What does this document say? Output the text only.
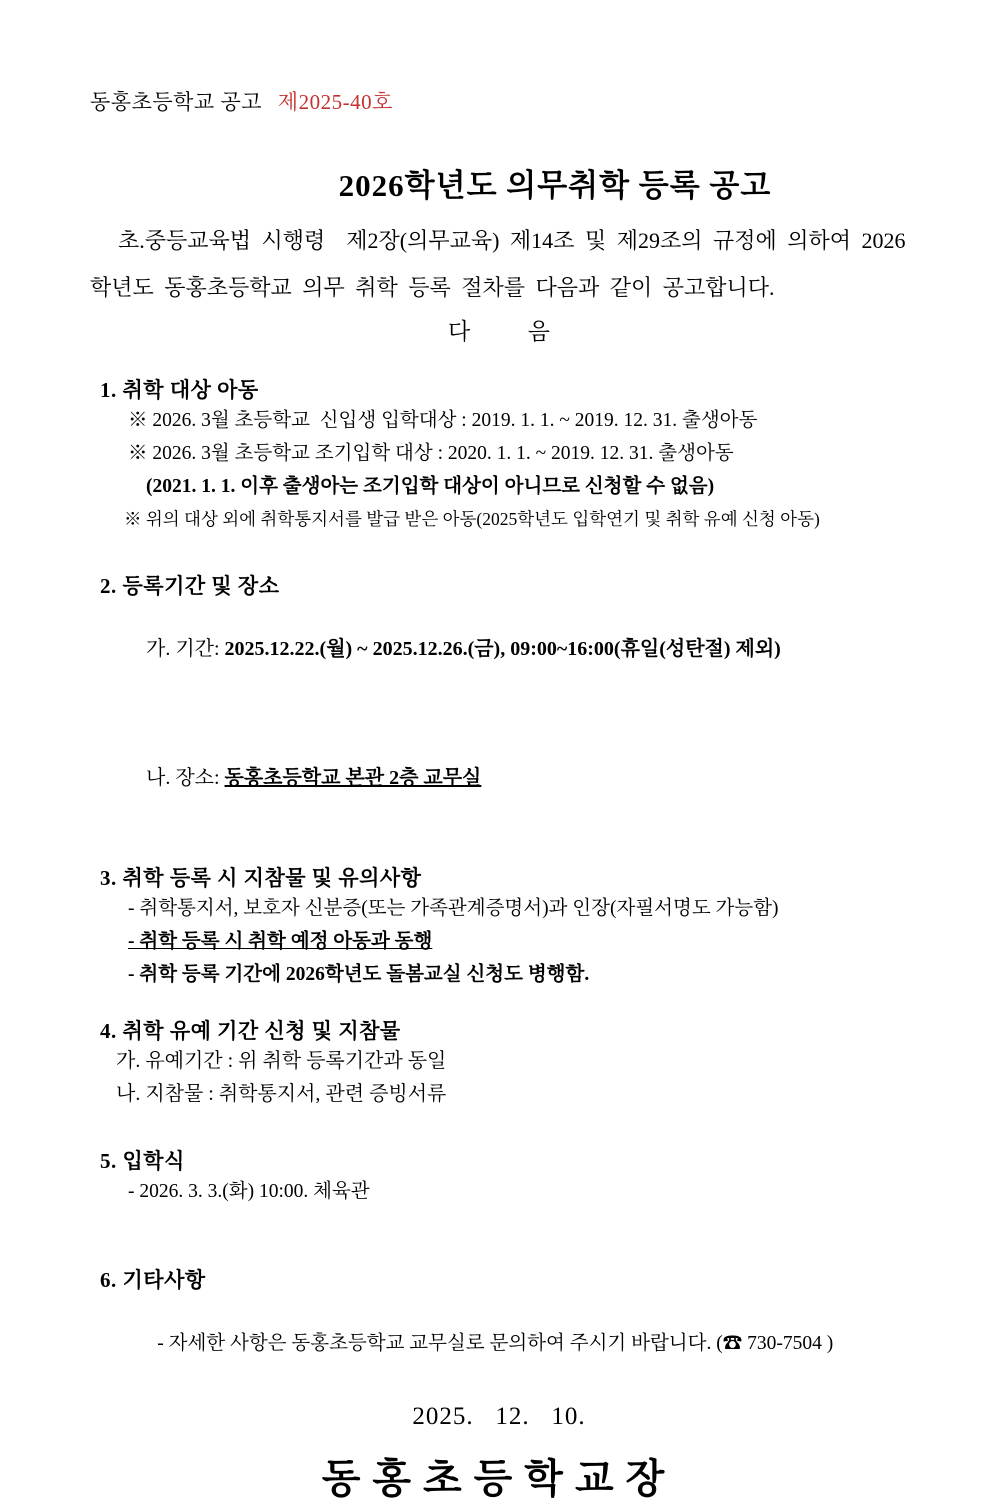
동홍초등학교 공고 제2025-40호
2026학년도 의무취학 등록 공고
초.중등교육법 시행령  제2장(의무교육) 제14조 및 제29조의 규정에 의하여 2026학년도 동홍초등학교 의무 취학 등록 절차를 다음과 같이 공고합니다.
다          음
1. 취학 대상 아동
※ 2026. 3월 초등학교  신입생 입학대상 : 2019. 1. 1. ~ 2019. 12. 31. 출생아동
※ 2026. 3월 초등학교 조기입학 대상 : 2020. 1. 1. ~ 2019. 12. 31. 출생아동
(2021. 1. 1. 이후 출생아는 조기입학 대상이 아니므로 신청할 수 없음)
※ 위의 대상 외에 취학통지서를 발급 받은 아동(2025학년도 입학연기 및 취학 유예 신청 아동)
2. 등록기간 및 장소

가. 기간: 2025.12.22.(월) ~ 2025.12.26.(금), 09:00~16:00(휴일(성탄절) 제외)

나. 장소: 동홍초등학교 본관 2층 교무실

3. 취학 등록 시 지참물 및 유의사항
- 취학통지서, 보호자 신분증(또는 가족관계증명서)과 인장(자필서명도 가능함)
- 취학 등록 시 취학 예정 아동과 동행
- 취학 등록 기간에 2026학년도 돌봄교실 신청도 병행함.
4. 취학 유예 기간 신청 및 지참물
가. 유예기간 : 위 취학 등록기간과 동일
나. 지참물 : 취학통지서, 관련 증빙서류
5. 입학식
- 2026. 3. 3.(화) 10:00. 체육관
6. 기타사항

- 자세한 사항은 동홍초등학교 교무실로 문의하여 주시기 바랍니다. (☎ 730-7504 )

2025.   12.   10.
동홍초등학교장
